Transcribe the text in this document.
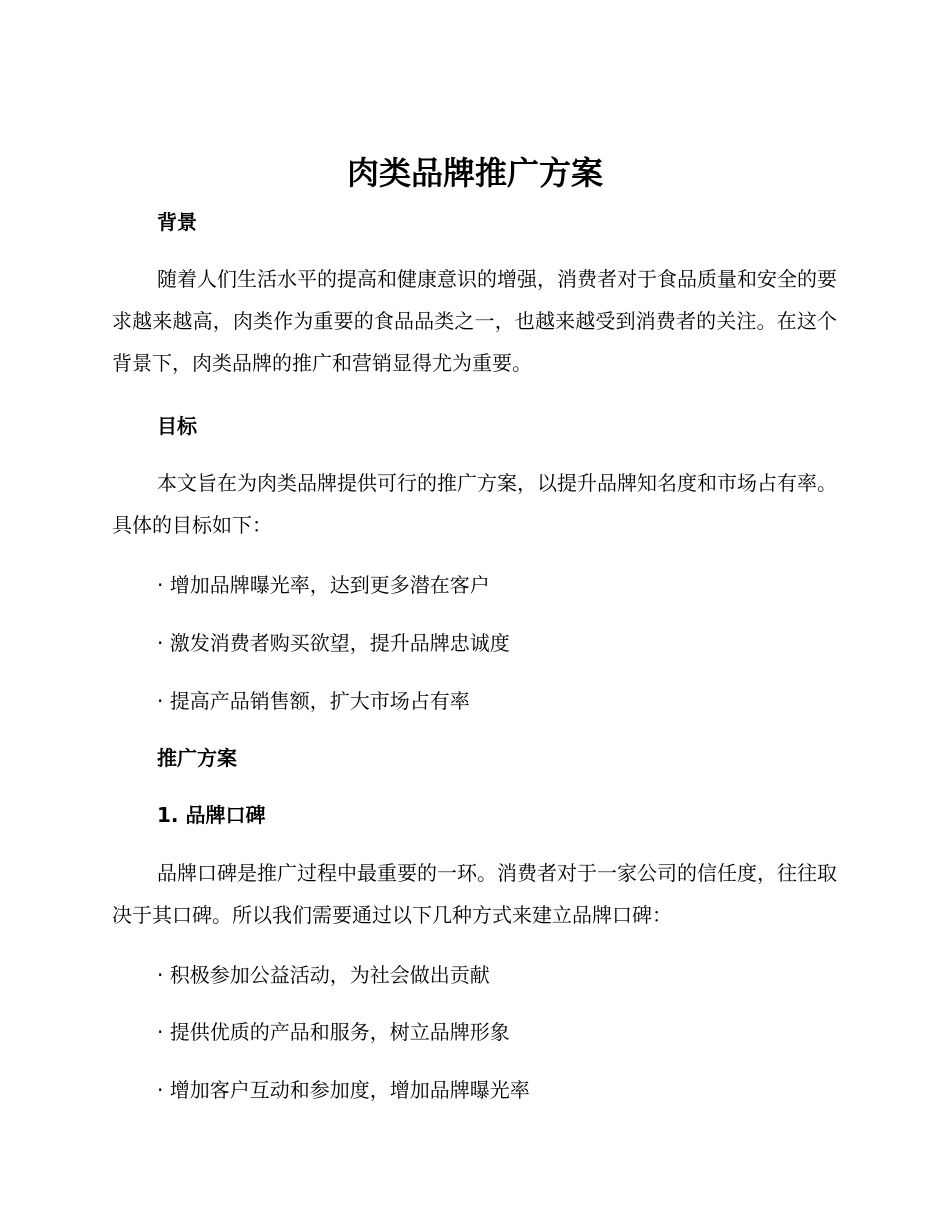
肉类品牌推广方案
背景

随着人们生活水平的提高和健康意识的增强，消费者对于食品质量和安全的要求越来越高，肉类作为重要的食品品类之一，也越来越受到消费者的关注。在这个背景下，肉类品牌的推广和营销显得尤为重要。

目标

本文旨在为肉类品牌提供可行的推广方案，以提升品牌知名度和市场占有率。具体的目标如下：

· 增加品牌曝光率，达到更多潜在客户

· 激发消费者购买欲望，提升品牌忠诚度

· 提高产品销售额，扩大市场占有率

推广方案
1. 品牌口碑

品牌口碑是推广过程中最重要的一环。消费者对于一家公司的信任度，往往取决于其口碑。所以我们需要通过以下几种方式来建立品牌口碑：

· 积极参加公益活动，为社会做出贡献

· 提供优质的产品和服务，树立品牌形象

· 增加客户互动和参加度，增加品牌曝光率
